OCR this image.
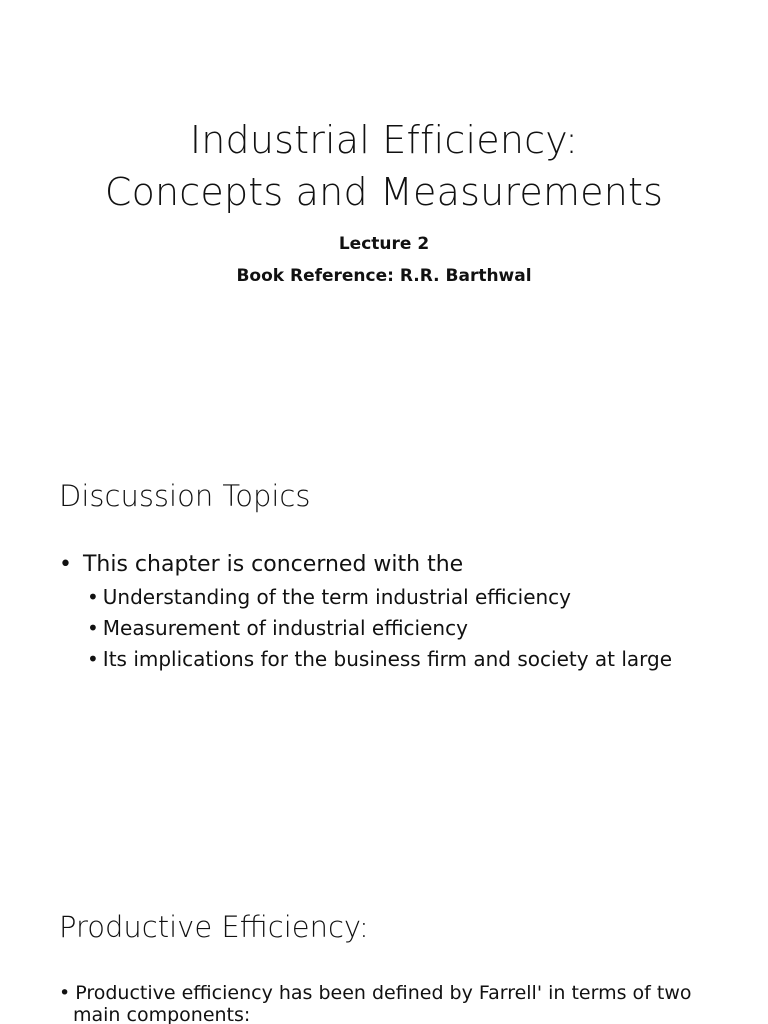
Industrial Efficiency:
Concepts and Measurements
Lecture 2
Book Reference: R.R. Barthwal
Discussion Topics
• This chapter is concerned with the
• Understanding of the term industrial efficiency
• Measurement of industrial efficiency
• Its implications for the business firm and society at large
Productive Efficiency:
• Productive efficiency has been defined by Farrell' in terms of two main components:
